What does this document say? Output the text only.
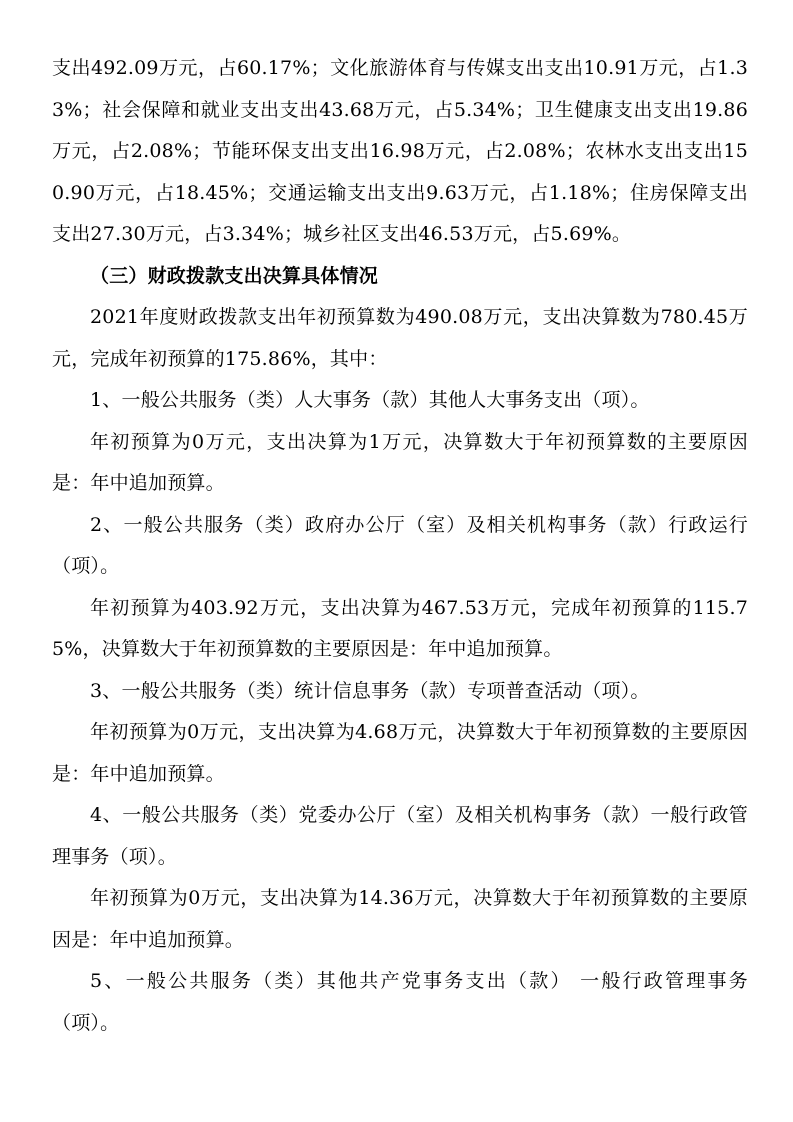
支出492.09万元，占60.17%；文化旅游体育与传媒支出支出10.91万元，占1.33%；社会保障和就业支出支出43.68万元，占5.34%；卫生健康支出支出19.86万元，占2.08%；节能环保支出支出16.98万元，占2.08%；农林水支出支出150.90万元，占18.45%；交通运输支出支出9.63万元，占1.18%；住房保障支出支出27.30万元，占3.34%；城乡社区支出46.53万元，占5.69%。

（三）财政拨款支出决算具体情况

2021年度财政拨款支出年初预算数为490.08万元，支出决算数为780.45万元，完成年初预算的175.86%，其中：

1、一般公共服务（类）人大事务（款）其他人大事务支出（项）。

年初预算为0万元，支出决算为1万元，决算数大于年初预算数的主要原因是：年中追加预算。

2、一般公共服务（类）政府办公厅（室）及相关机构事务（款）行政运行（项）。

年初预算为403.92万元，支出决算为467.53万元，完成年初预算的115.75%，决算数大于年初预算数的主要原因是：年中追加预算。

3、一般公共服务（类）统计信息事务（款）专项普查活动（项）。

年初预算为0万元，支出决算为4.68万元，决算数大于年初预算数的主要原因是：年中追加预算。

4、一般公共服务（类）党委办公厅（室）及相关机构事务（款）一般行政管理事务（项）。

年初预算为0万元，支出决算为14.36万元，决算数大于年初预算数的主要原因是：年中追加预算。

5、一般公共服务（类）其他共产党事务支出（款） 一般行政管理事务（项）。
